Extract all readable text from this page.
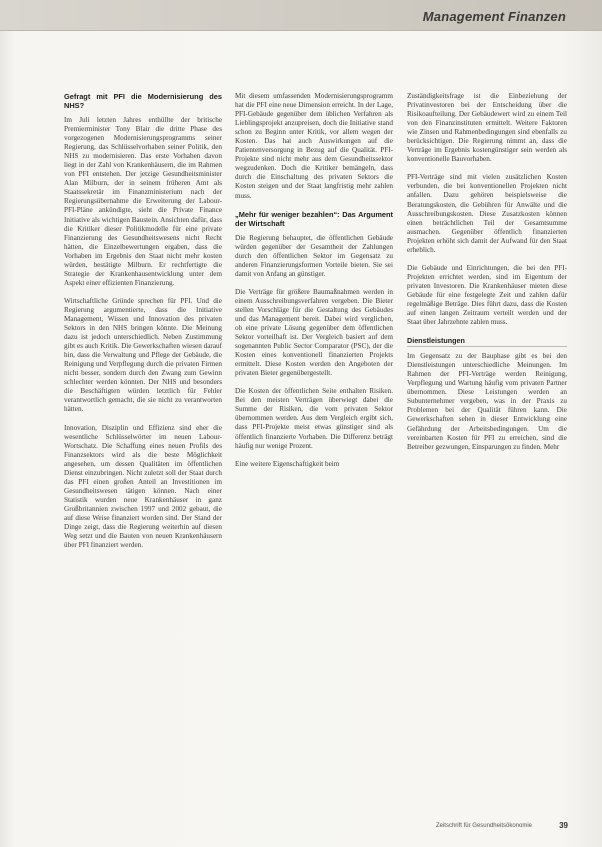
Management Finanzen
Gefragt mit PFI die Modernisierung des NHS?

Im Juli letzten Jahres enthüllte der britische Premierminister Tony Blair die dritte Phase des vorgezogenen Modernisierungsprogramms seiner Regierung, das Schlüsselvorhaben seiner Politik, den NHS zu modernisieren. Das erste Vorhaben davon liegt in der Zahl von Krankenhäusern, die im Rahmen von PFI entstehen. Der jetzige Gesundheitsminister Alan Milburn, der in seinem früheren Amt als Staatssekretär im Finanzministerium nach der Regierungsübernahme die Erweiterung der Labour-PFI-Pläne ankündigte, sieht die Private Finance Initiative als wichtigen Baustein. Ansichten dafür, dass die Kritiker dieser Politikmodelle für eine private Finanzierung des Gesundheitswesens nicht Recht hätten, die Einzelbewertungen ergaben, dass die Vorhaben im Ergebnis den Staat nicht mehr kosten würden, bestätigte Milburn. Er rechtfertigte die Strategie der Krankenhausentwicklung unter dem Aspekt einer effizienten Finanzierung.

Wirtschaftliche Gründe sprechen für PFI. Und die Regierung argumentierte, dass die Initiative Management, Wissen und Innovation des privaten Sektors in den NHS bringen könnte. Die Meinung dazu ist jedoch unterschiedlich. Neben Zustimmung gibt es auch Kritik. Die Gewerkschaften wiesen darauf hin, dass die Verwaltung und Pflege der Gebäude, die Reinigung und Verpflegung durch die privaten Firmen nicht besser, sondern durch den Zwang zum Gewinn schlechter werden könnten. Der NHS und besonders die Beschäftigten würden letztlich für Fehler verantwortlich gemacht, die sie nicht zu verantworten hätten.

Innovation, Disziplin und Effizienz sind eher die wesentliche Schlüsselwörter im neuen Labour-Wortschatz. Die Schaffung eines neuen Profils des Finanzsektors wird als die beste Möglichkeit angesehen, um dessen Qualitäten im öffentlichen Dienst einzubringen. Nicht zuletzt soll der Staat durch das PFI einen großen Anteil an Investitionen im Gesundheitswesen tätigen können. Nach einer Statistik wurden neue Krankenhäuser in ganz Großbritannien zwischen 1997 und 2002 gebaut, die auf diese Weise finanziert worden sind. Der Stand der Dinge zeigt, dass die Regierung weiterhin auf diesen Weg setzt und die Bauten von neuen Krankenhäusern über PFI finanziert werden.

Mit diesem umfassenden Modernisierungsprogramm hat die PFI eine neue Dimension erreicht. In der Lage, PFI-Gebäude gegenüber dem üblichen Verfahren als Lieblingsprojekt anzupreisen, doch die Initiative stand schon zu Beginn unter Kritik, vor allem wegen der Kosten. Das hat auch Auswirkungen auf die Patientenversorgung in Bezug auf die Qualität. PFI-Projekte sind nicht mehr aus dem Gesundheitssektor wegzudenken. Doch die Kritiker bemängeln, dass durch die Einschaltung des privaten Sektors die Kosten steigen und der Staat langfristig mehr zahlen muss.

„Mehr für weniger bezahlen“: Das Argument der Wirtschaft

Die Regierung behauptet, die öffentlichen Gebäude würden gegenüber der Gesamtheit der Zahlungen durch den öffentlichen Sektor im Gegensatz zu anderen Finanzierungsformen Vorteile bieten. Sie sei damit von Anfang an günstiger.

Die Verträge für größere Baumaßnahmen werden in einem Ausschreibungsverfahren vergeben. Die Bieter stellen Vorschläge für die Gestaltung des Gebäudes und das Management bereit. Dabei wird verglichen, ob eine private Lösung gegenüber dem öffentlichen Sektor vorteilhaft ist. Der Vergleich basiert auf dem sogenannten Public Sector Comparator (PSC), der die Kosten eines konventionell finanzierten Projekts ermittelt. Diese Kosten werden den Angeboten der privaten Bieter gegenübergestellt.

Die Kosten der öffentlichen Seite enthalten Risiken. Bei den meisten Verträgen überwiegt dabei die Summe der Risiken, die vom privaten Sektor übernommen werden. Aus dem Vergleich ergibt sich, dass PFI-Projekte meist etwas günstiger sind als öffentlich finanzierte Vorhaben. Die Differenz beträgt häufig nur wenige Prozent.

Eine weitere Eigenschaftigkeit beim

Zuständigkeitsfrage ist die Einbeziehung der Privatinvestoren bei der Entscheidung über die Risikoaufteilung. Der Gebäudewert wird zu einem Teil von den Finanzinstituten ermittelt. Weitere Faktoren wie Zinsen und Rahmenbedingungen sind ebenfalls zu berücksichtigen. Die Regierung nimmt an, dass die Verträge im Ergebnis kostengünstiger sein werden als konventionelle Bauvorhaben.

PFI-Verträge sind mit vielen zusätzlichen Kosten verbunden, die bei konventionellen Projekten nicht anfallen. Dazu gehören beispielsweise die Beratungskosten, die Gebühren für Anwälte und die Ausschreibungskosten. Diese Zusatzkosten können einen beträchtlichen Teil der Gesamtsumme ausmachen. Gegenüber öffentlich finanzierten Projekten erhöht sich damit der Aufwand für den Staat erheblich.

Die Gebäude und Einrichtungen, die bei den PFI-Projekten errichtet werden, sind im Eigentum der privaten Investoren. Die Krankenhäuser mieten diese Gebäude für eine festgelegte Zeit und zahlen dafür regelmäßige Beträge. Dies führt dazu, dass die Kosten auf einen langen Zeitraum verteilt werden und der Staat über Jahrzehnte zahlen muss.

Dienstleistungen

Im Gegensatz zu der Bauphase gibt es bei den Dienstleistungen unterschiedliche Meinungen. Im Rahmen der PFI-Verträge werden Reinigung, Verpflegung und Wartung häufig vom privaten Partner übernommen. Diese Leistungen werden an Subunternehmer vergeben, was in der Praxis zu Problemen bei der Qualität führen kann. Die Gewerkschaften sehen in dieser Entwicklung eine Gefährdung der Arbeitsbedingungen. Um die vereinbarten Kosten für PFI zu erreichen, sind die Betreiber gezwungen, Einsparungen zu finden. Mehr

Zeitschrift für Gesundheitsökonomie	39
